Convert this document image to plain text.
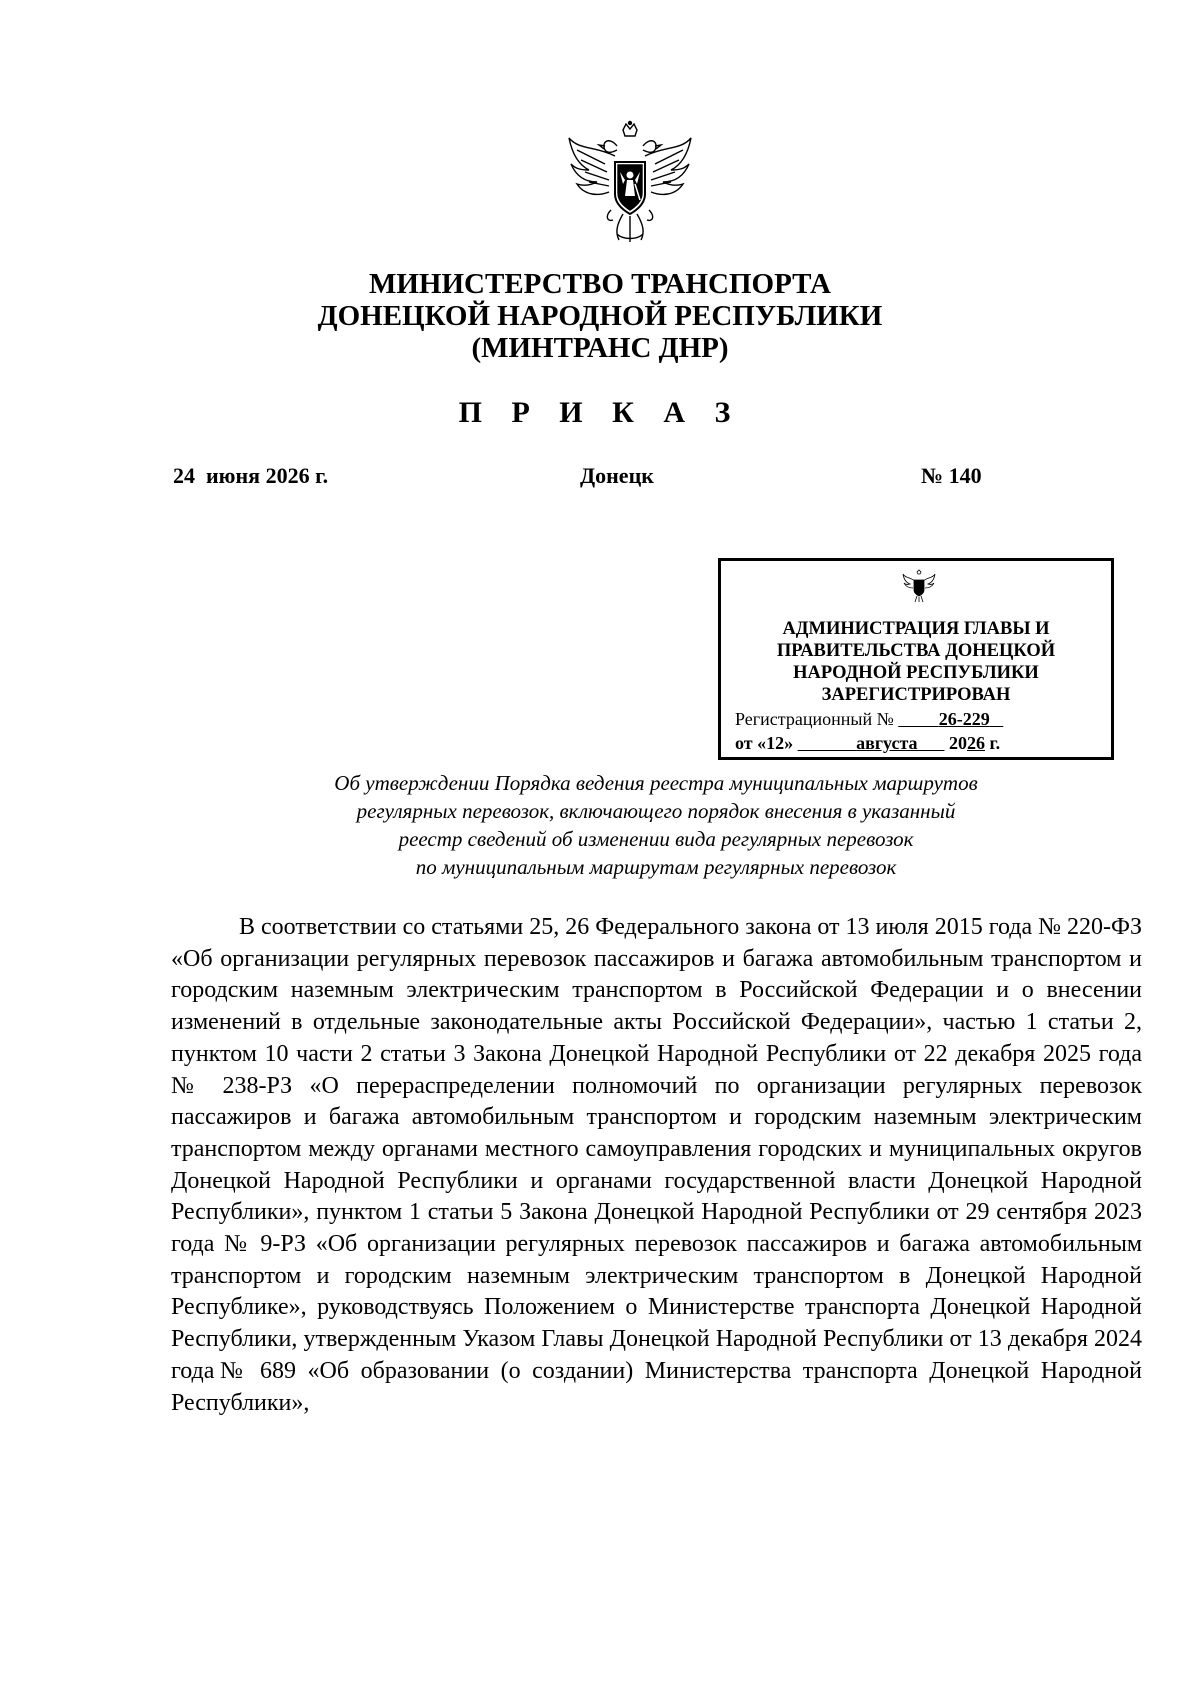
МИНИСТЕРСТВО ТРАНСПОРТА
ДОНЕЦКОЙ НАРОДНОЙ РЕСПУБЛИКИ
(МИНТРАНС ДНР)
П Р И К А З
24  июня 2026 г.	Донецк	№ 140
АДМИНИСТРАЦИЯ ГЛАВЫ И
ПРАВИТЕЛЬСТВА ДОНЕЦКОЙ
НАРОДНОЙ РЕСПУБЛИКИ
ЗАРЕГИСТРИРОВАН
Регистрационный №	26-229
от «12»	августа 2026 г.
Об утверждении Порядка ведения реестра муниципальных маршрутов
регулярных перевозок, включающего порядок внесения в указанный
реестр сведений об изменении вида регулярных перевозок
по муниципальным маршрутам регулярных перевозок
В соответствии со статьями 25, 26 Федерального закона от 13 июля 2015 года № 220-ФЗ «Об организации регулярных перевозок пассажиров и багажа автомобильным транспортом и городским наземным электрическим транспортом в Российской Федерации и о внесении изменений в отдельные законодательные акты Российской Федерации», частью 1 статьи 2, пунктом 10 части 2 статьи 3 Закона Донецкой Народной Республики от 22 декабря 2025 года № 238-РЗ «О перераспределении полномочий по организации регулярных перевозок пассажиров и багажа автомобильным транспортом и городским наземным электрическим транспортом между органами местного самоуправления городских и муниципальных округов Донецкой Народной Республики и органами государственной власти Донецкой Народной Республики», пунктом 1 статьи 5 Закона Донецкой Народной Республики от 29 сентября 2023 года № 9-РЗ «Об организации регулярных перевозок пассажиров и багажа автомобильным транспортом и городским наземным электрическим транспортом в Донецкой Народной Республике», руководствуясь Положением о Министерстве транспорта Донецкой Народной Республики, утвержденным Указом Главы Донецкой Народной Республики от 13 декабря 2024 года№ 689 «Об образовании (о создании) Министерства транспорта Донецкой Народной Республики»,
